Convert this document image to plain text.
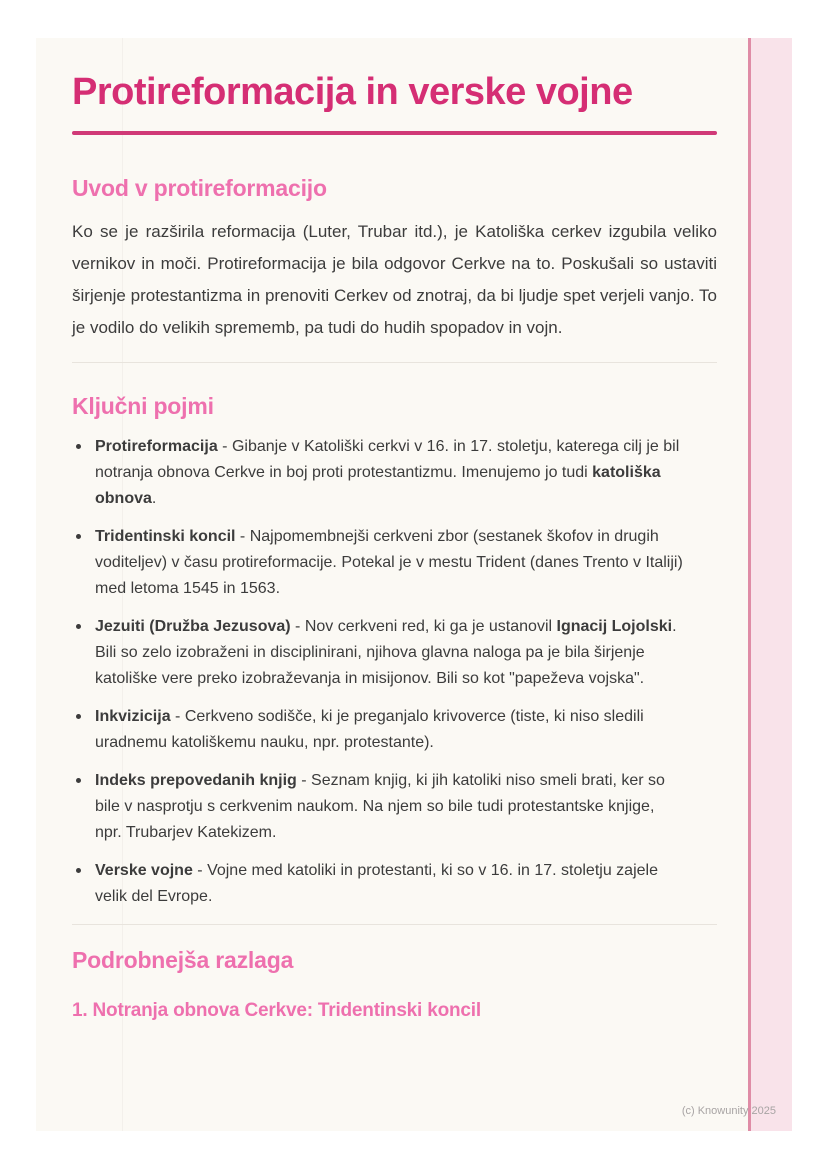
Protireformacija in verske vojne
Uvod v protireformacijo

Ko se je razširila reformacija (Luter, Trubar itd.), je Katoliška cerkev izgubila veliko vernikov in moči. Protireformacija je bila odgovor Cerkve na to. Poskušali so ustaviti širjenje protestantizma in prenoviti Cerkev od znotraj, da bi ljudje spet verjeli vanjo. To je vodilo do velikih sprememb, pa tudi do hudih spopadov in vojn.

Ključni pojmi
Protireformacija - Gibanje v Katoliški cerkvi v 16. in 17. stoletju, katerega cilj je bil notranja obnova Cerkve in boj proti protestantizmu. Imenujemo jo tudi katoliška obnova.
Tridentinski koncil - Najpomembnejši cerkveni zbor (sestanek škofov in drugih voditeljev) v času protireformacije. Potekal je v mestu Trident (danes Trento v Italiji) med letoma 1545 in 1563.
Jezuiti (Družba Jezusova) - Nov cerkveni red, ki ga je ustanovil Ignacij Lojolski. Bili so zelo izobraženi in disciplinirani, njihova glavna naloga pa je bila širjenje katoliške vere preko izobraževanja in misijonov. Bili so kot "papeževa vojska".
Inkvizicija - Cerkveno sodišče, ki je preganjalo krivoverce (tiste, ki niso sledili uradnemu katoliškemu nauku, npr. protestante).
Indeks prepovedanih knjig - Seznam knjig, ki jih katoliki niso smeli brati, ker so bile v nasprotju s cerkvenim naukom. Na njem so bile tudi protestantske knjige, npr. Trubarjev Katekizem.
Verske vojne - Vojne med katoliki in protestanti, ki so v 16. in 17. stoletju zajele velik del Evrope.
Podrobnejša razlaga
1. Notranja obnova Cerkve: Tridentinski koncil
(c) Knowunity 2025
